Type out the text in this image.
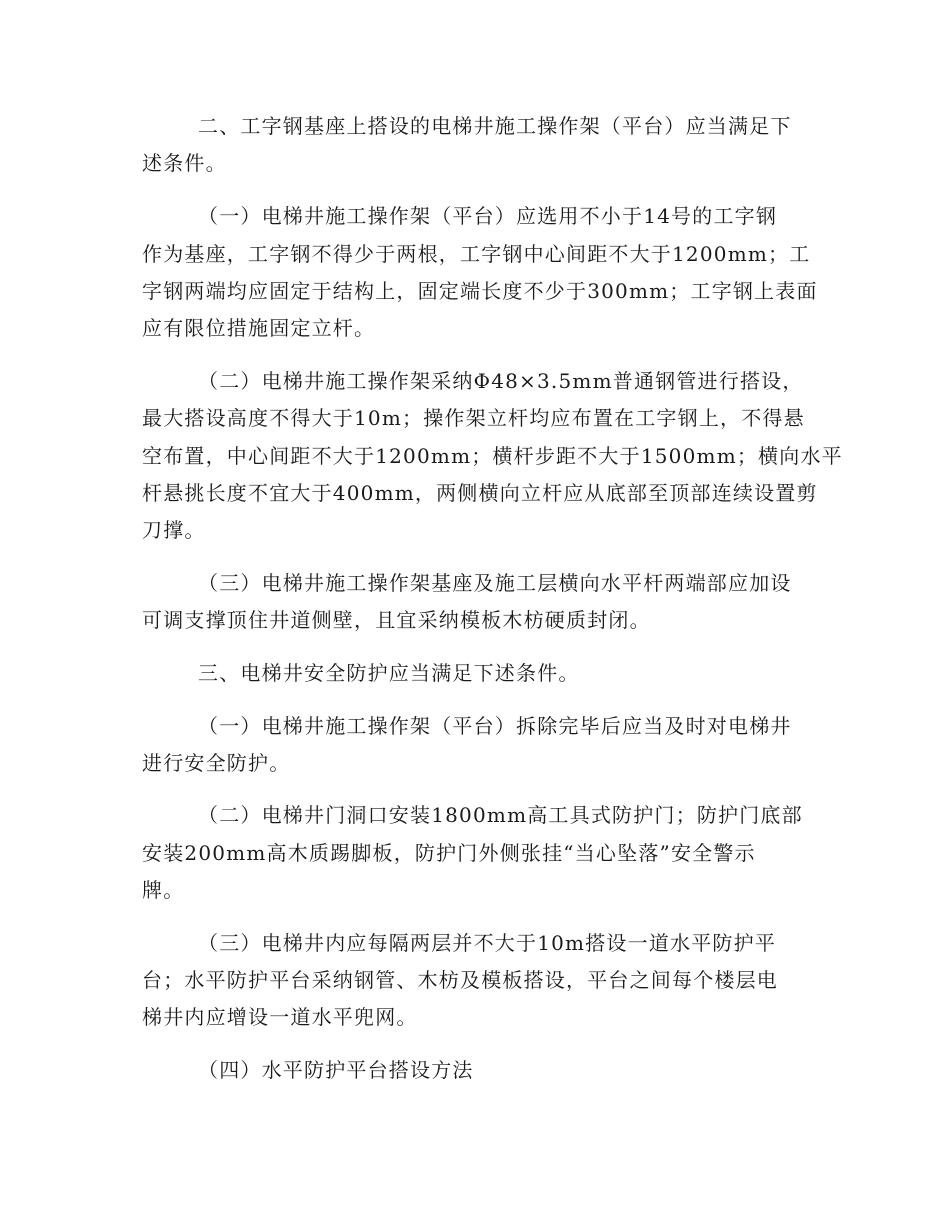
二、工字钢基座上搭设的电梯井施工操作架（平台）应当满足下
述条件。
（一）电梯井施工操作架（平台）应选用不小于14号的工字钢
作为基座，工字钢不得少于两根，工字钢中心间距不大于1200mm；工
字钢两端均应固定于结构上，固定端长度不少于300mm；工字钢上表面
应有限位措施固定立杆。
（二）电梯井施工操作架采纳Φ48×3.5mm普通钢管进行搭设，
最大搭设高度不得大于10m；操作架立杆均应布置在工字钢上，不得悬
空布置，中心间距不大于1200mm；横杆步距不大于1500mm；横向水平
杆悬挑长度不宜大于400mm，两侧横向立杆应从底部至顶部连续设置剪
刀撑。
（三）电梯井施工操作架基座及施工层横向水平杆两端部应加设
可调支撑顶住井道侧壁，且宜采纳模板木枋硬质封闭。
三、电梯井安全防护应当满足下述条件。
（一）电梯井施工操作架（平台）拆除完毕后应当及时对电梯井
进行安全防护。
（二）电梯井门洞口安装1800mm高工具式防护门；防护门底部
安装200mm高木质踢脚板，防护门外侧张挂“当心坠落”安全警示
牌。
（三）电梯井内应每隔两层并不大于10m搭设一道水平防护平
台；水平防护平台采纳钢管、木枋及模板搭设，平台之间每个楼层电
梯井内应增设一道水平兜网。
（四）水平防护平台搭设方法
